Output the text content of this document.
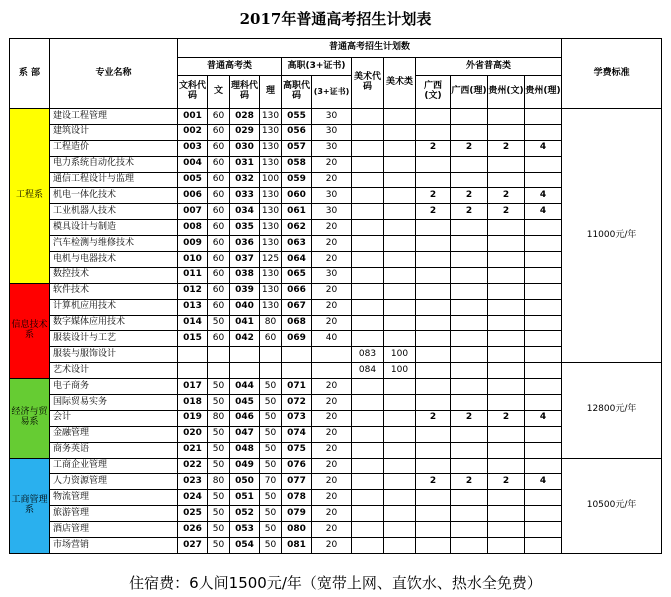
2017年普通高考招生计划表
系 部	专业名称	普通高考招生计划数												学费标准
		普通高考类				高职(3+证书)		美术代码	美术类	外省普高类				
		文科代码	文	理科代码	理	高职代码	(3+证书)			广西(文)	广西(理)	贵州(文)	贵州(理)	
工程系	建设工程管理	001	60	028	130	055	30							11000元/年
	建筑设计	002	60	029	130	056	30							
	工程造价	003	60	030	130	057	30			2	2	2	4	
	电力系统自动化技术	004	60	031	130	058	20							
	通信工程设计与监理	005	60	032	100	059	20							
	机电一体化技术	006	60	033	130	060	30			2	2	2	4	
	工业机器人技术	007	60	034	130	061	30			2	2	2	4	
	模具设计与制造	008	60	035	130	062	20							
	汽车检测与维修技术	009	60	036	130	063	20							
	电机与电器技术	010	60	037	125	064	20							
	数控技术	011	60	038	130	065	30							
信息技术系	软件技术	012	60	039	130	066	20							
	计算机应用技术	013	60	040	130	067	20							
	数字媒体应用技术	014	50	041	80	068	20							
	服装设计与工艺	015	60	042	60	069	40							
	服装与服饰设计							083	100					
	艺术设计							084	100					12800元/年
经济与贸易系	电子商务	017	50	044	50	071	20							
	国际贸易实务	018	50	045	50	072	20							
	会计	019	80	046	50	073	20			2	2	2	4	
	金融管理	020	50	047	50	074	20							
	商务英语	021	50	048	50	075	20							
工商管理系	工商企业管理	022	50	049	50	076	20							10500元/年
	人力资源管理	023	80	050	70	077	20			2	2	2	4	
	物流管理	024	50	051	50	078	20							
	旅游管理	025	50	052	50	079	20							
	酒店管理	026	50	053	50	080	20							
	市场营销	027	50	054	50	081	20							
住宿费：6人间1500元/年（宽带上网、直饮水、热水全免费）
